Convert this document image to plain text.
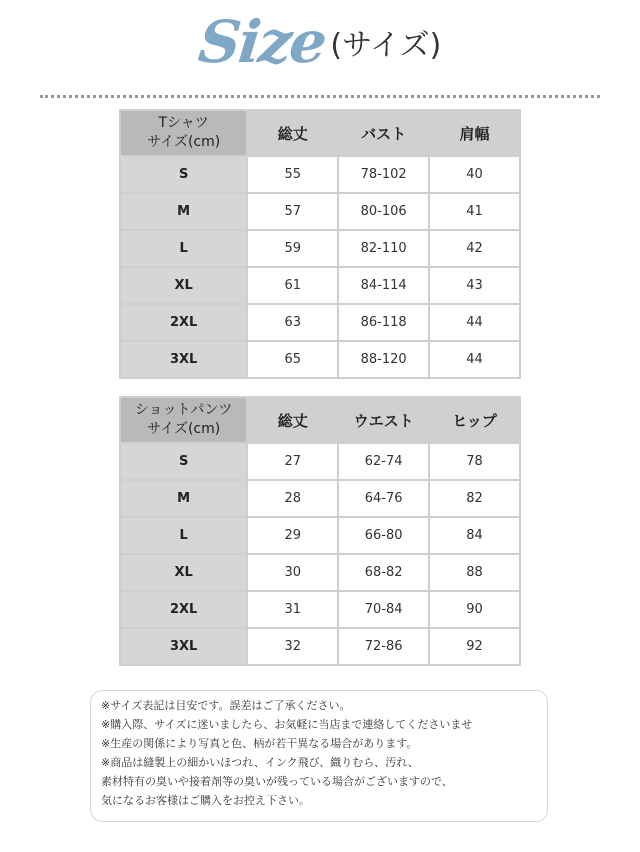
Size(サイズ)
Tシャツ
サイズ(cm)	総丈	バスト	肩幅
S	55	78-102	40
M	57	80-106	41
L	59	82-110	42
XL	61	84-114	43
2XL	63	86-118	44
3XL	65	88-120	44
ショットパンツ
サイズ(cm)	総丈	ウエスト	ヒップ
S	27	62-74	78
M	28	64-76	82
L	29	66-80	84
XL	30	68-82	88
2XL	31	70-84	90
3XL	32	72-86	92
※サイズ表記は目安です。誤差はご了承ください。
※購入際、サイズに迷いましたら、お気軽に当店まで連絡してくださいませ
※生産の関係により写真と色、柄が若干異なる場合があります。
※商品は縫製上の細かいほつれ、インク飛び、織りむら、汚れ、
素材特有の臭いや接着剤等の臭いが残っている場合がございますので、
気になるお客様はご購入をお控え下さい。
